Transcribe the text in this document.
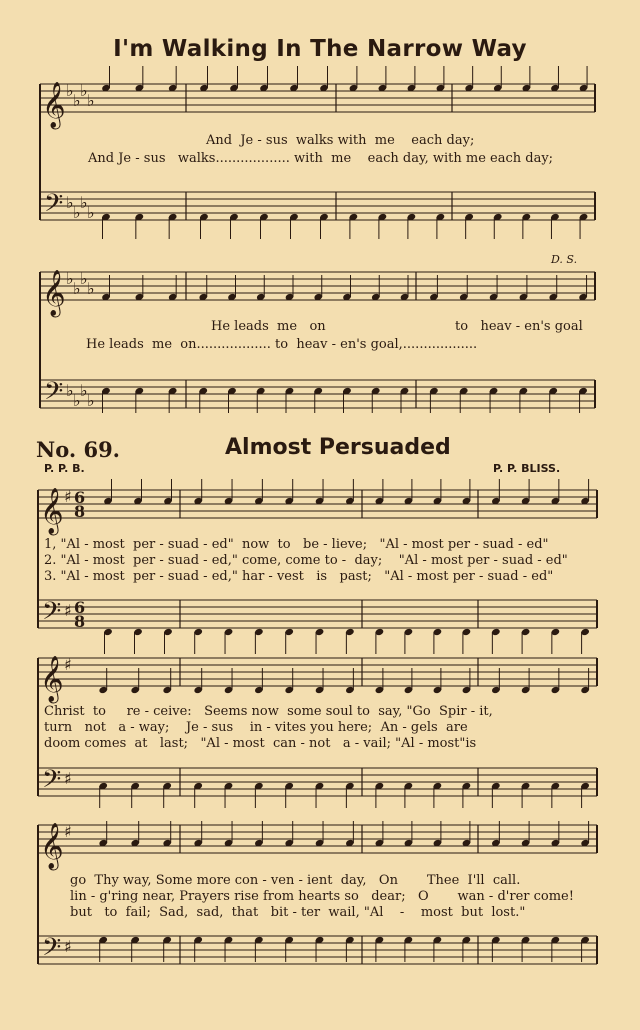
I'm Walking In The Narrow Way
D. S.
And  Je - sus  walks with  me    each day;
And Je - sus   walks.................. with  me    each day, with me each day;
He leads  me   on	to   heav - en's goal
He leads  me  on.................. to  heav - en's goal,..................
No. 69.	Almost Persuaded
P. P. B.	P. P. BLISS.
1, "Al - most  per - suad - ed"  now  to   be - lieve;   "Al - most per - suad - ed"
2. "Al - most  per - suad - ed," come, come to -  day;    "Al - most per - suad - ed"
3. "Al - most  per - suad - ed," har - vest   is   past;   "Al - most per - suad - ed"
Christ  to     re - ceive:   Seems now  some soul to  say, "Go  Spir - it,
turn   not   a - way;    Je - sus    in - vites you here;  An - gels  are
doom comes  at   last;   "Al - most  can - not   a - vail; "Al - most"is
go  Thy way, Some more con - ven - ient  day,   On       Thee  I'll  call.
lin - g'ring near, Prayers rise from hearts so   dear;   O       wan - d'rer come!
but   to  fail;  Sad,  sad,  that   bit - ter  wail, "Al    -    most  but  lost."
𝄞
𝄢
♭
♭
♭
♭
♭
♭
♭
♭
𝄞
𝄢
♭
♭
♭
♭
♭
♭
♭
♭
𝄞
𝄢
♯
♯
6
8
6
8
𝄞
𝄢
♯
♯
𝄞
𝄢
♯
♯
